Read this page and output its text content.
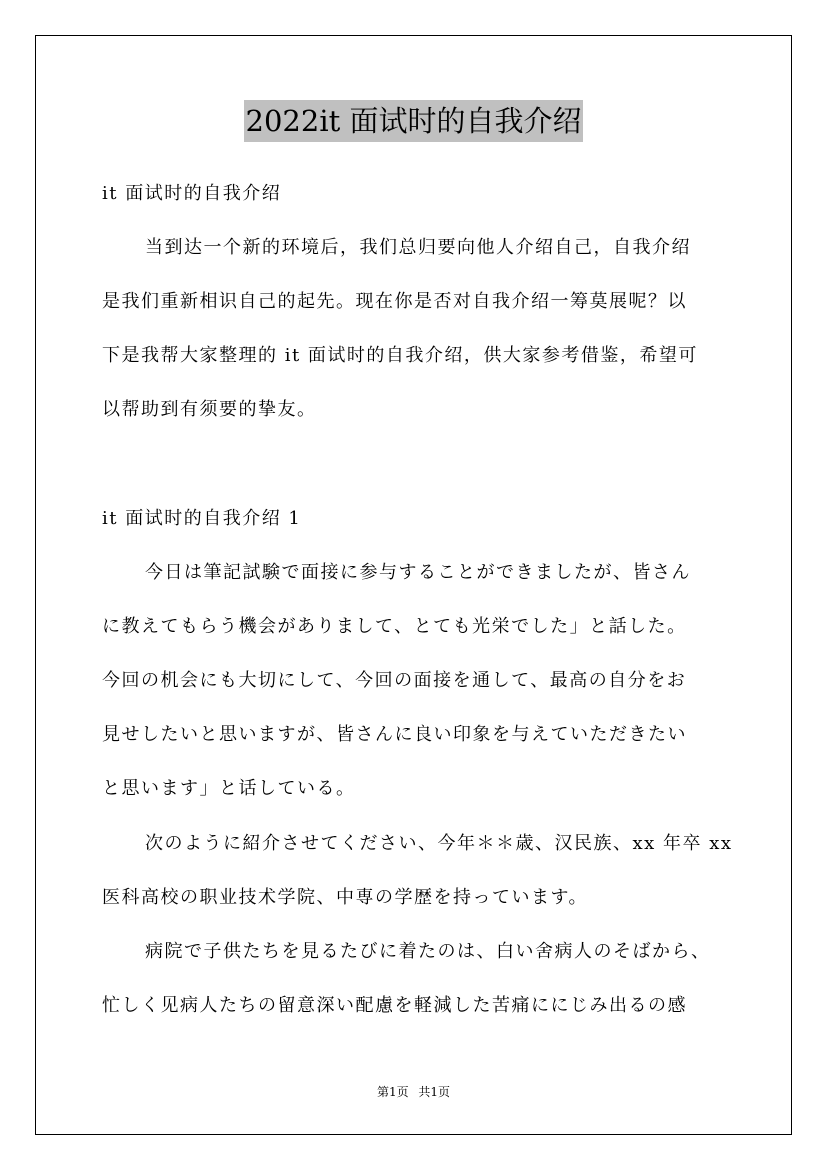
2022it 面试时的自我介绍
it 面试时的自我介绍
当到达一个新的环境后，我们总归要向他人介绍自己，自我介绍
是我们重新相识自己的起先。现在你是否对自我介绍一筹莫展呢？以
下是我帮大家整理的 it 面试时的自我介绍，供大家参考借鉴，希望可
以帮助到有须要的挚友。
it 面试时的自我介绍 1
今日は筆記試験で面接に参与することができましたが、皆さん
に教えてもらう機会がありまして、とても光栄でした」と話した。
今回の机会にも大切にして、今回の面接を通して、最高の自分をお
見せしたいと思いますが、皆さんに良い印象を与えていただきたい
と思います」と话している。
次のように紹介させてください、今年＊＊歳、汉民族、xx 年卒 xx
医科高校の职业技术学院、中専の学歴を持っています。
病院で子供たちを見るたびに着たのは、白い舍病人のそばから、
忙しく见病人たちの留意深い配慮を軽減した苦痛ににじみ出るの感
第1页 共1页
